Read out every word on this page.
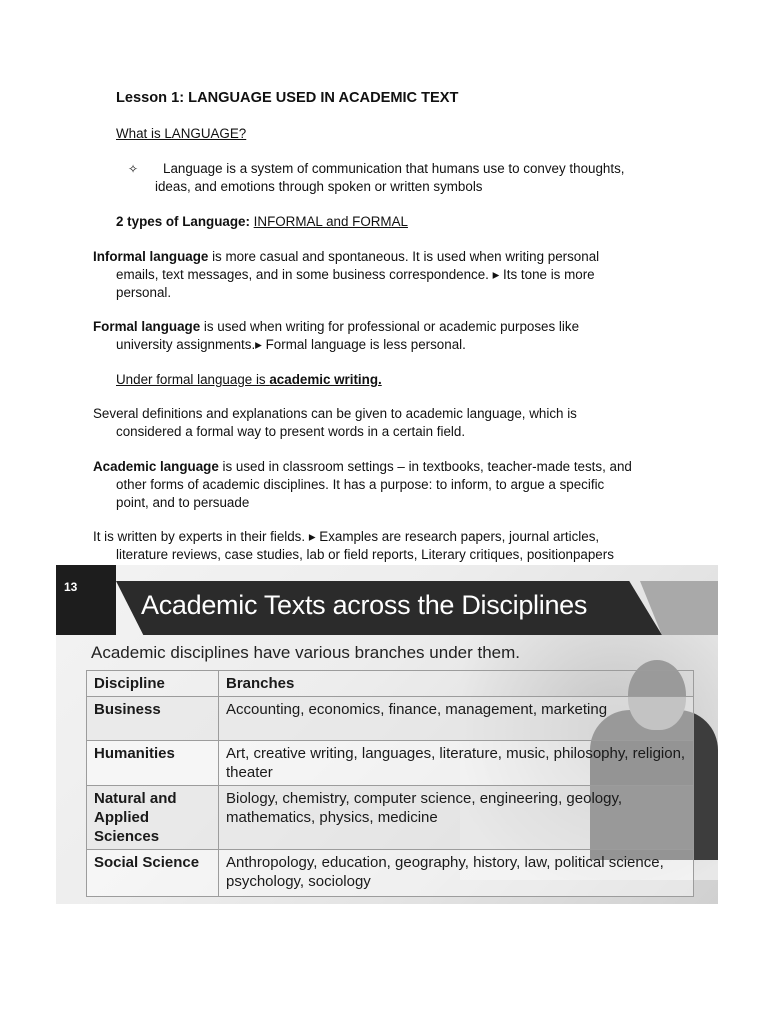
Lesson 1: LANGUAGE USED IN ACADEMIC TEXT
What is LANGUAGE?
✧ Language is a system of communication that humans use to convey thoughts,
ideas, and emotions through spoken or written symbols
2 types of Language: INFORMAL and FORMAL
Informal language is more casual and spontaneous. It is used when writing personal
emails, text messages, and in some business correspondence. ▸ Its tone is more
personal.
Formal language is used when writing for professional or academic purposes like
university assignments.▸ Formal language is less personal.
Under formal language is academic writing.
Several definitions and explanations can be given to academic language, which is
considered a formal way to present words in a certain field.
Academic language is used in classroom settings – in textbooks, teacher-made tests, and
other forms of academic disciplines. It has a purpose: to inform, to argue a specific
point, and to persuade
It is written by experts in their fields. ▸ Examples are research papers, journal articles,
literature reviews, case studies, lab or field reports, Literary critiques, positionpapers
13
Academic Texts across the Disciplines
Academic disciplines have various branches under them.
Discipline	Branches
Business	Accounting, economics, finance, management, marketing
Humanities	Art, creative writing, languages, literature, music, philosophy, religion, theater
Natural and Applied Sciences	Biology, chemistry, computer science, engineering, geology, mathematics, physics, medicine
Social Science	Anthropology, education, geography, history, law, political science, psychology, sociology
